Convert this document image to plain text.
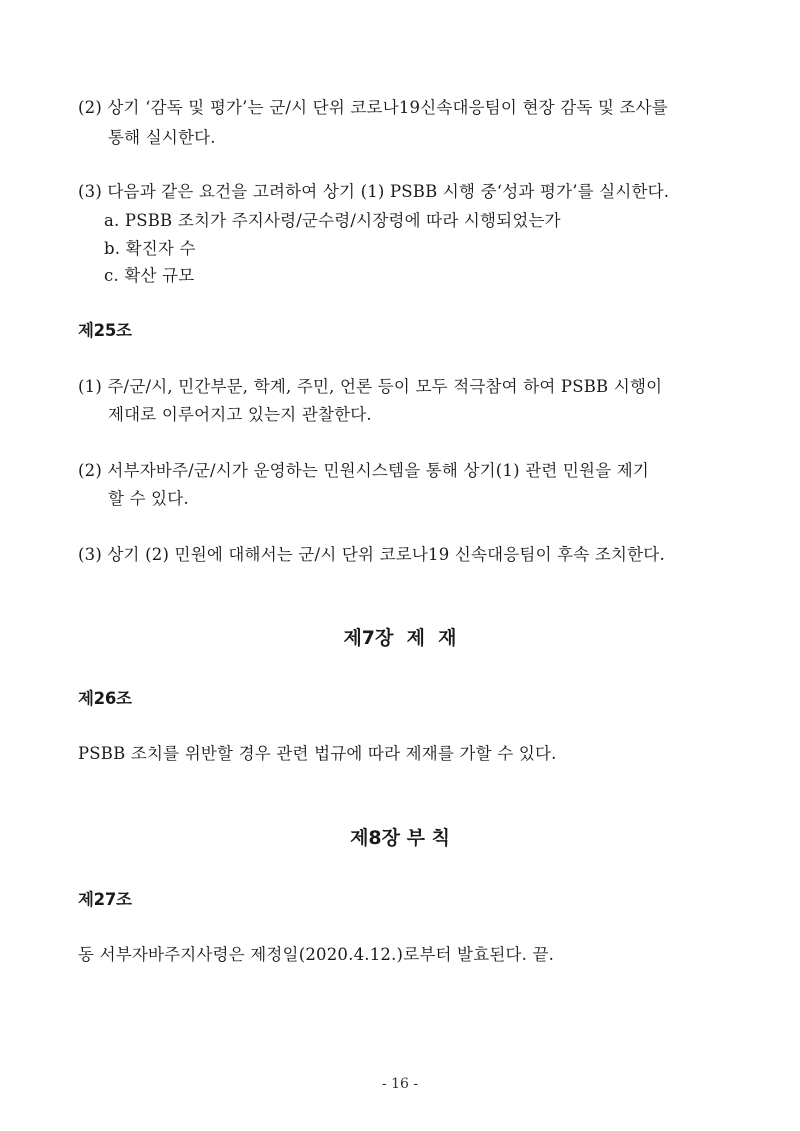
(2) 상기 ‘감독 및 평가’는 군/시 단위 코로나19신속대응팀이 현장 감독 및 조사를
통해 실시한다.
(3) 다음과 같은 요건을 고려하여 상기 (1) PSBB 시행 중‘성과 평가’를 실시한다.
a. PSBB 조치가 주지사령/군수령/시장령에 따라 시행되었는가
b. 확진자 수
c. 확산 규모
제25조
(1) 주/군/시, 민간부문, 학계, 주민, 언론 등이 모두 적극참여 하여 PSBB 시행이
제대로 이루어지고 있는지 관찰한다.
(2) 서부자바주/군/시가 운영하는 민원시스템을 통해 상기(1) 관련 민원을 제기
할 수 있다.
(3) 상기 (2) 민원에 대해서는 군/시 단위 코로나19 신속대응팀이 후속 조치한다.
제7장  제  재
제26조
PSBB 조치를 위반할 경우 관련 법규에 따라 제재를 가할 수 있다.
제8장 부 칙
제27조
동 서부자바주지사령은 제정일(2020.4.12.)로부터 발효된다. 끝.
- 16 -
